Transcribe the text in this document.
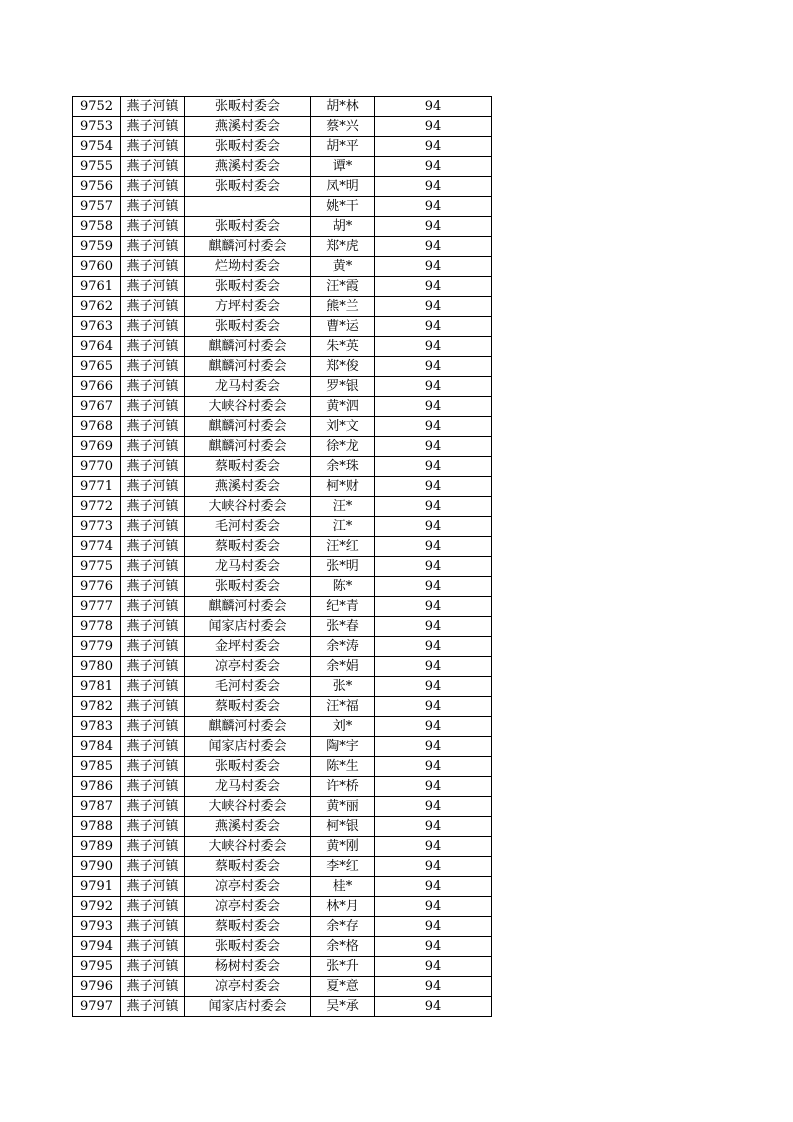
9752	燕子河镇	张畈村委会	胡*林	94
9753	燕子河镇	燕溪村委会	蔡*兴	94
9754	燕子河镇	张畈村委会	胡*平	94
9755	燕子河镇	燕溪村委会	谭*	94
9756	燕子河镇	张畈村委会	凤*明	94
9757	燕子河镇		姚*干	94
9758	燕子河镇	张畈村委会	胡*	94
9759	燕子河镇	麒麟河村委会	郑*虎	94
9760	燕子河镇	烂坳村委会	黄*	94
9761	燕子河镇	张畈村委会	汪*霞	94
9762	燕子河镇	方坪村委会	熊*兰	94
9763	燕子河镇	张畈村委会	曹*运	94
9764	燕子河镇	麒麟河村委会	朱*英	94
9765	燕子河镇	麒麟河村委会	郑*俊	94
9766	燕子河镇	龙马村委会	罗*银	94
9767	燕子河镇	大峡谷村委会	黄*泗	94
9768	燕子河镇	麒麟河村委会	刘*文	94
9769	燕子河镇	麒麟河村委会	徐*龙	94
9770	燕子河镇	蔡畈村委会	余*珠	94
9771	燕子河镇	燕溪村委会	柯*财	94
9772	燕子河镇	大峡谷村委会	汪*	94
9773	燕子河镇	毛河村委会	江*	94
9774	燕子河镇	蔡畈村委会	汪*红	94
9775	燕子河镇	龙马村委会	张*明	94
9776	燕子河镇	张畈村委会	陈*	94
9777	燕子河镇	麒麟河村委会	纪*青	94
9778	燕子河镇	闻家店村委会	张*春	94
9779	燕子河镇	金坪村委会	余*涛	94
9780	燕子河镇	凉亭村委会	余*娟	94
9781	燕子河镇	毛河村委会	张*	94
9782	燕子河镇	蔡畈村委会	汪*福	94
9783	燕子河镇	麒麟河村委会	刘*	94
9784	燕子河镇	闻家店村委会	陶*宇	94
9785	燕子河镇	张畈村委会	陈*生	94
9786	燕子河镇	龙马村委会	许*桥	94
9787	燕子河镇	大峡谷村委会	黄*丽	94
9788	燕子河镇	燕溪村委会	柯*银	94
9789	燕子河镇	大峡谷村委会	黄*刚	94
9790	燕子河镇	蔡畈村委会	李*红	94
9791	燕子河镇	凉亭村委会	桂*	94
9792	燕子河镇	凉亭村委会	林*月	94
9793	燕子河镇	蔡畈村委会	余*存	94
9794	燕子河镇	张畈村委会	余*格	94
9795	燕子河镇	杨树村委会	张*升	94
9796	燕子河镇	凉亭村委会	夏*意	94
9797	燕子河镇	闻家店村委会	吴*承	94
